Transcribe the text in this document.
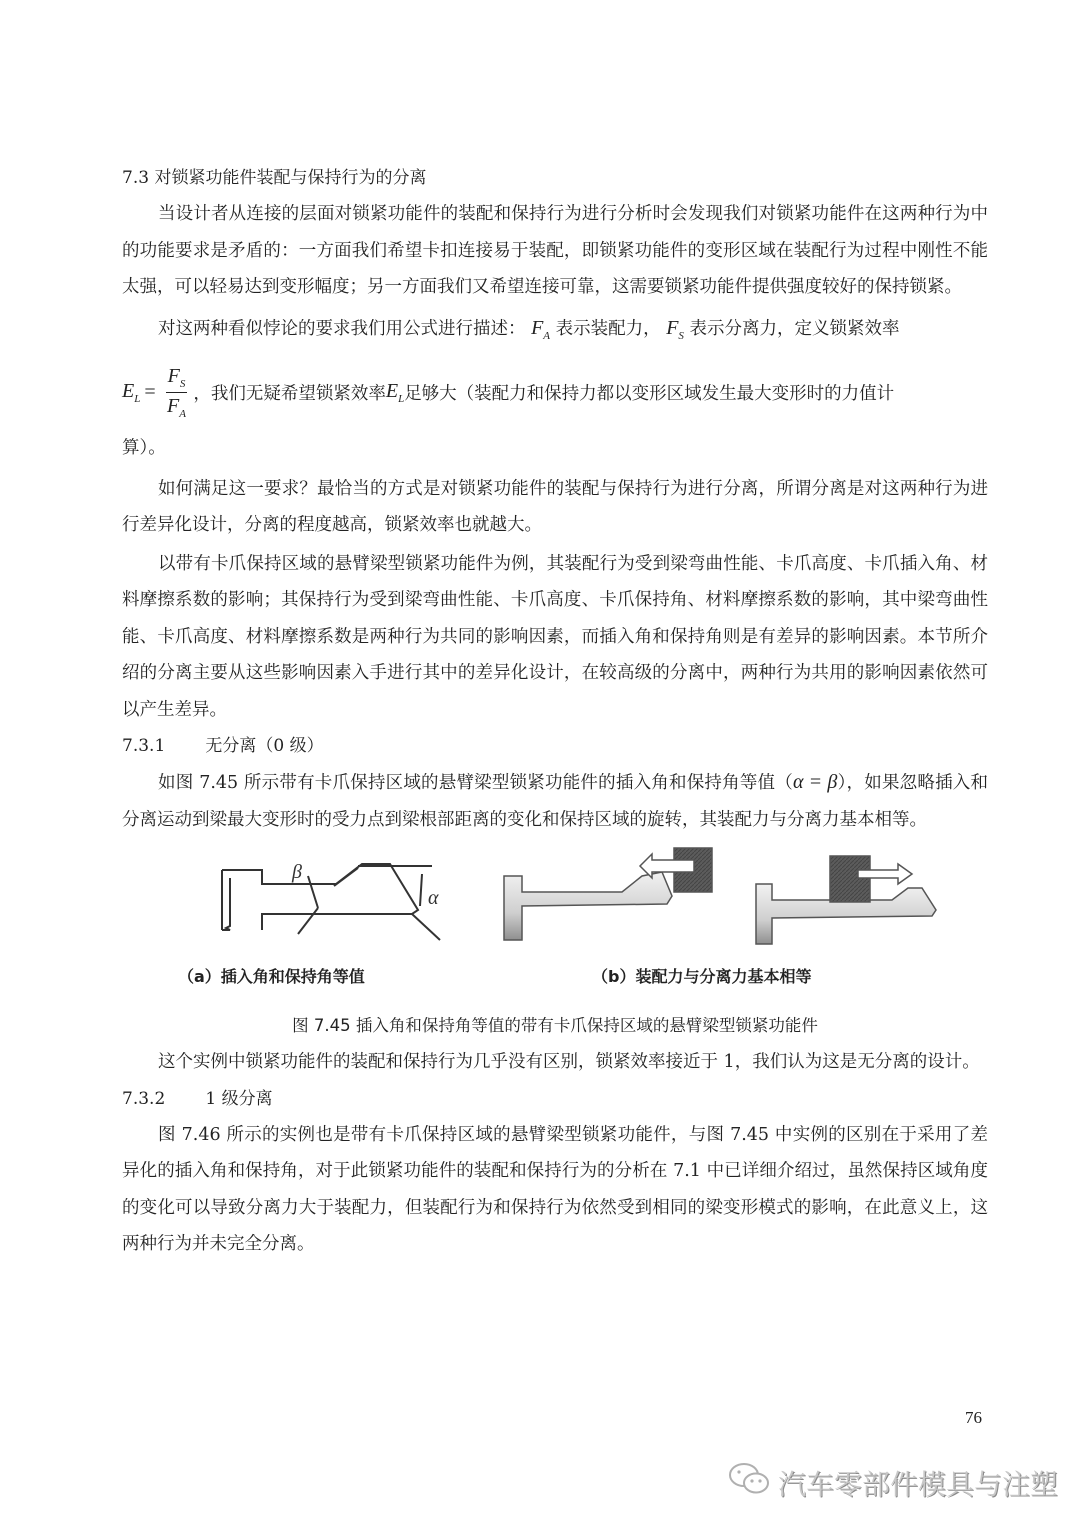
7.3 对锁紧功能件装配与保持行为的分离
当设计者从连接的层面对锁紧功能件的装配和保持行为进行分析时会发现我们对锁紧功能件在这两种行为中的功能要求是矛盾的：一方面我们希望卡扣连接易于装配，即锁紧功能件的变形区域在装配行为过程中刚性不能太强，可以轻易达到变形幅度；另一方面我们又希望连接可靠，这需要锁紧功能件提供强度较好的保持锁紧。
对这两种看似悖论的要求我们用公式进行描述： $F_A$ 表示装配力， $F_S$ 表示分离力，定义锁紧效率
$E_L = \frac{F_S}{F_A}$ ，我们无疑希望锁紧效率 $E_L$ 足够大（装配力和保持力都以变形区域发生最大变形时的力值计
算）。
如何满足这一要求？最恰当的方式是对锁紧功能件的装配与保持行为进行分离，所谓分离是对这两种行为进行差异化设计，分离的程度越高，锁紧效率也就越大。
以带有卡爪保持区域的悬臂梁型锁紧功能件为例，其装配行为受到梁弯曲性能、卡爪高度、卡爪插入角、材料摩擦系数的影响；其保持行为受到梁弯曲性能、卡爪高度、卡爪保持角、材料摩擦系数的影响，其中梁弯曲性能、卡爪高度、材料摩擦系数是两种行为共同的影响因素，而插入角和保持角则是有差异的影响因素。本节所介绍的分离主要从这些影响因素入手进行其中的差异化设计，在较高级的分离中，两种行为共用的影响因素依然可以产生差异。
7.3.1 无分离（0 级）
如图 7.45 所示带有卡爪保持区域的悬臂梁型锁紧功能件的插入角和保持角等值（α = β），如果忽略插入和分离运动到梁最大变形时的受力点到梁根部距离的变化和保持区域的旋转，其装配力与分离力基本相等。
β
α
（a）插入角和保持角等值	（b）装配力与分离力基本相等
图 7.45 插入角和保持角等值的带有卡爪保持区域的悬臂梁型锁紧功能件
这个实例中锁紧功能件的装配和保持行为几乎没有区别，锁紧效率接近于 1，我们认为这是无分离的设计。
7.3.2 1 级分离
图 7.46 所示的实例也是带有卡爪保持区域的悬臂梁型锁紧功能件，与图 7.45 中实例的区别在于采用了差异化的插入角和保持角，对于此锁紧功能件的装配和保持行为的分析在 7.1 中已详细介绍过，虽然保持区域角度的变化可以导致分离力大于装配力，但装配行为和保持行为依然受到相同的梁变形模式的影响，在此意义上，这两种行为并未完全分离。
76
汽车零部件模具与注塑
